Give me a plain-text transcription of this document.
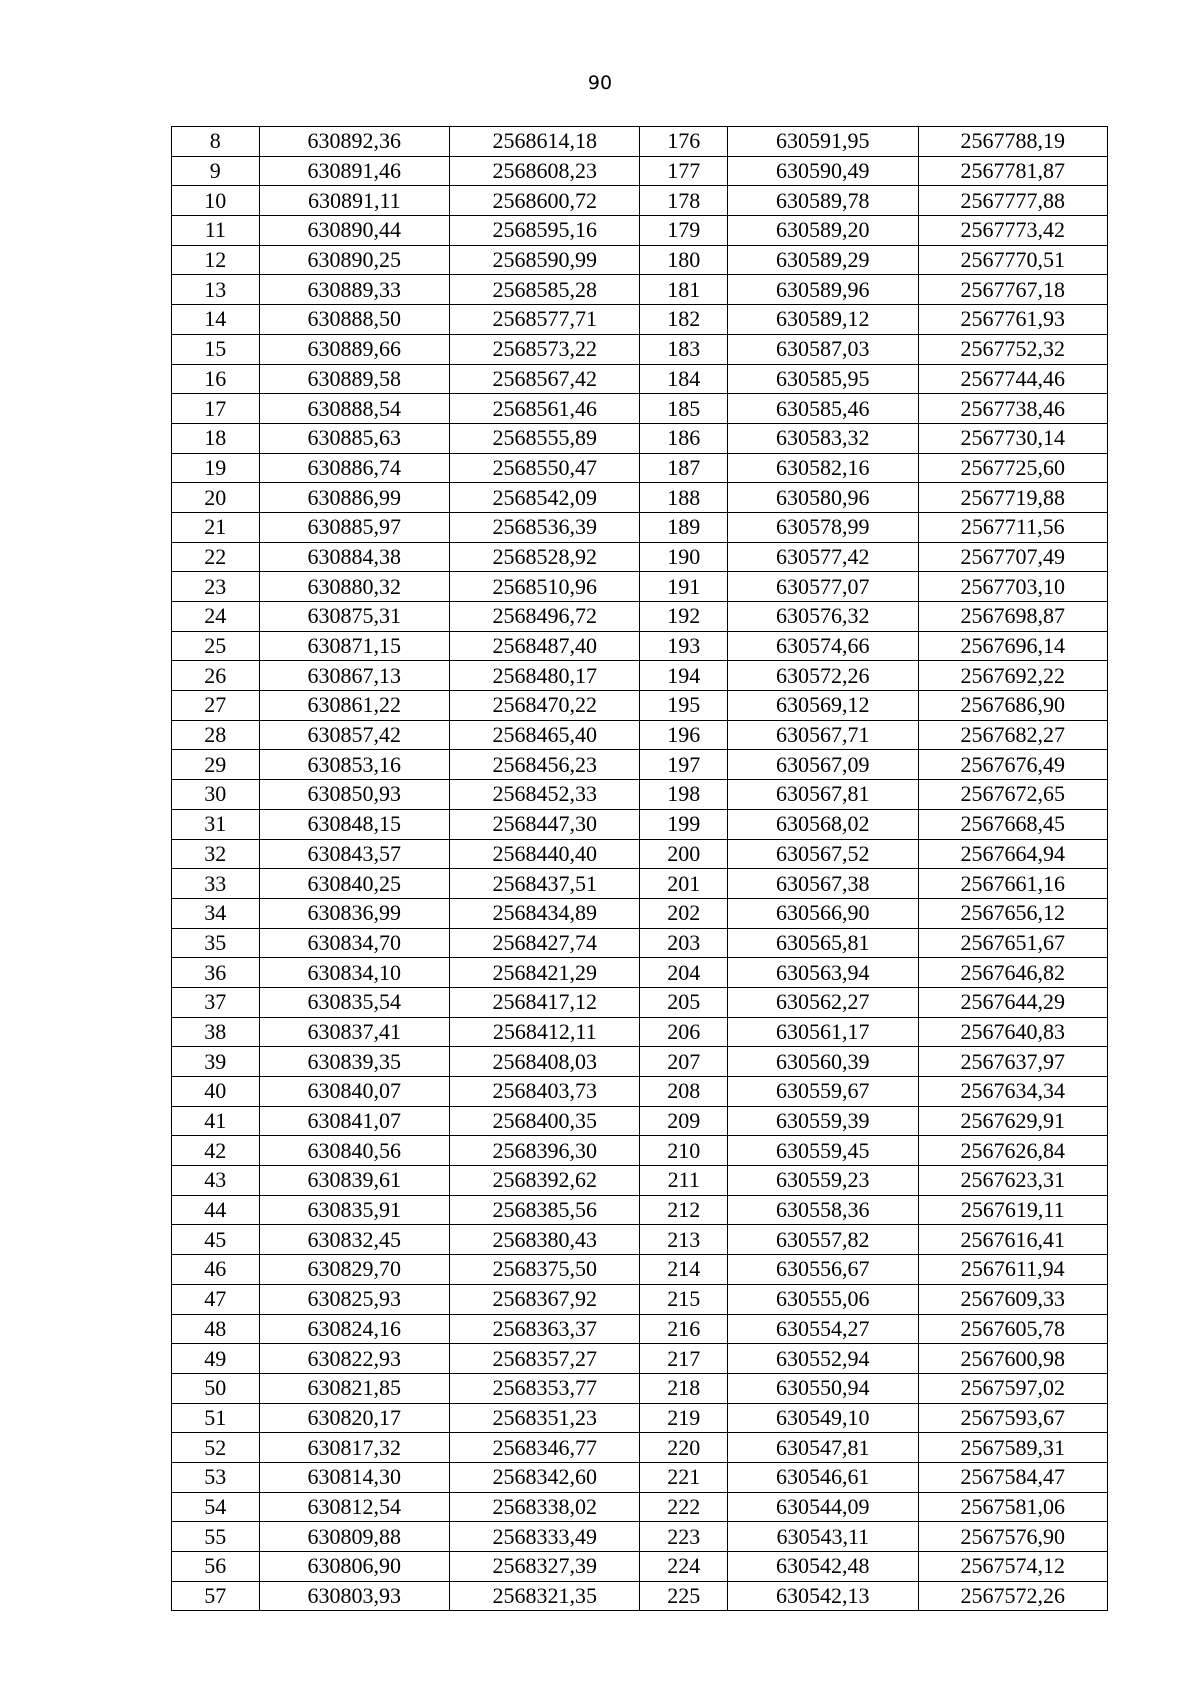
90
8	630892,36	2568614,18	176	630591,95	2567788,19
9	630891,46	2568608,23	177	630590,49	2567781,87
10	630891,11	2568600,72	178	630589,78	2567777,88
11	630890,44	2568595,16	179	630589,20	2567773,42
12	630890,25	2568590,99	180	630589,29	2567770,51
13	630889,33	2568585,28	181	630589,96	2567767,18
14	630888,50	2568577,71	182	630589,12	2567761,93
15	630889,66	2568573,22	183	630587,03	2567752,32
16	630889,58	2568567,42	184	630585,95	2567744,46
17	630888,54	2568561,46	185	630585,46	2567738,46
18	630885,63	2568555,89	186	630583,32	2567730,14
19	630886,74	2568550,47	187	630582,16	2567725,60
20	630886,99	2568542,09	188	630580,96	2567719,88
21	630885,97	2568536,39	189	630578,99	2567711,56
22	630884,38	2568528,92	190	630577,42	2567707,49
23	630880,32	2568510,96	191	630577,07	2567703,10
24	630875,31	2568496,72	192	630576,32	2567698,87
25	630871,15	2568487,40	193	630574,66	2567696,14
26	630867,13	2568480,17	194	630572,26	2567692,22
27	630861,22	2568470,22	195	630569,12	2567686,90
28	630857,42	2568465,40	196	630567,71	2567682,27
29	630853,16	2568456,23	197	630567,09	2567676,49
30	630850,93	2568452,33	198	630567,81	2567672,65
31	630848,15	2568447,30	199	630568,02	2567668,45
32	630843,57	2568440,40	200	630567,52	2567664,94
33	630840,25	2568437,51	201	630567,38	2567661,16
34	630836,99	2568434,89	202	630566,90	2567656,12
35	630834,70	2568427,74	203	630565,81	2567651,67
36	630834,10	2568421,29	204	630563,94	2567646,82
37	630835,54	2568417,12	205	630562,27	2567644,29
38	630837,41	2568412,11	206	630561,17	2567640,83
39	630839,35	2568408,03	207	630560,39	2567637,97
40	630840,07	2568403,73	208	630559,67	2567634,34
41	630841,07	2568400,35	209	630559,39	2567629,91
42	630840,56	2568396,30	210	630559,45	2567626,84
43	630839,61	2568392,62	211	630559,23	2567623,31
44	630835,91	2568385,56	212	630558,36	2567619,11
45	630832,45	2568380,43	213	630557,82	2567616,41
46	630829,70	2568375,50	214	630556,67	2567611,94
47	630825,93	2568367,92	215	630555,06	2567609,33
48	630824,16	2568363,37	216	630554,27	2567605,78
49	630822,93	2568357,27	217	630552,94	2567600,98
50	630821,85	2568353,77	218	630550,94	2567597,02
51	630820,17	2568351,23	219	630549,10	2567593,67
52	630817,32	2568346,77	220	630547,81	2567589,31
53	630814,30	2568342,60	221	630546,61	2567584,47
54	630812,54	2568338,02	222	630544,09	2567581,06
55	630809,88	2568333,49	223	630543,11	2567576,90
56	630806,90	2568327,39	224	630542,48	2567574,12
57	630803,93	2568321,35	225	630542,13	2567572,26
